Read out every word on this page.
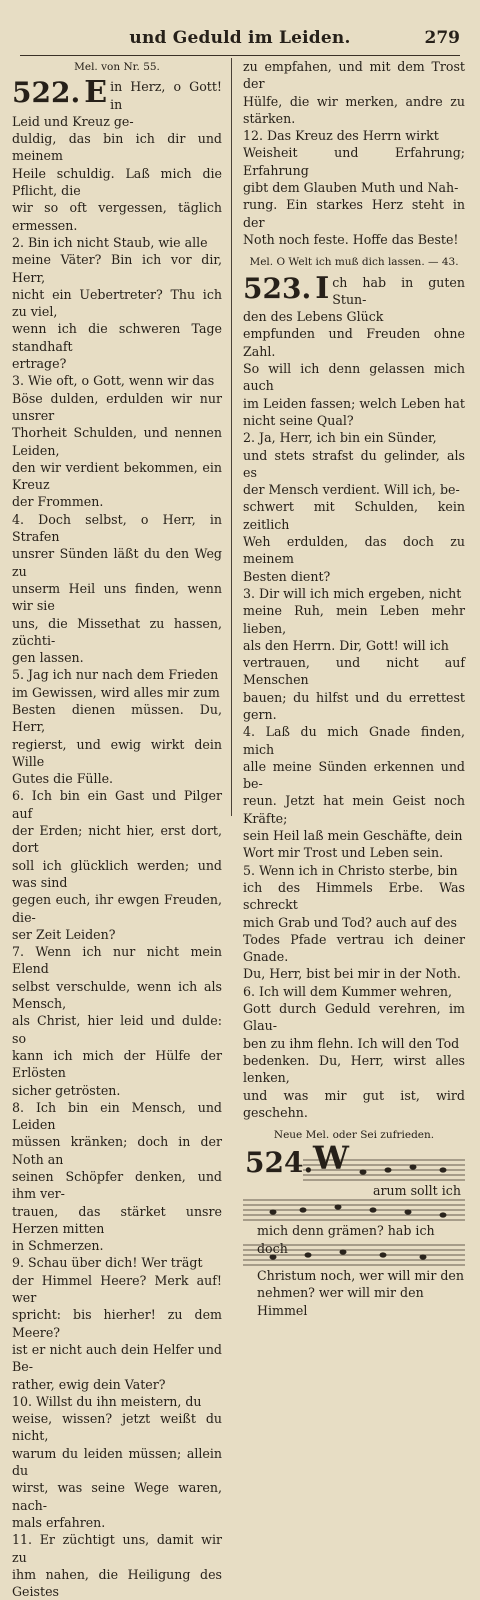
und Geduld im Leiden.	279
Mel. von Nr. 55.
522. E in Herz, o Gott! in
Leid und Kreuz ge-
duldig, das bin ich dir und meinem
Heile schuldig. Laß mich die Pflicht, die
wir so oft vergessen, täglich ermessen.
2. Bin ich nicht Staub, wie alle
meine Väter? Bin ich vor dir, Herr,
nicht ein Uebertreter? Thu ich zu viel,
wenn ich die schweren Tage standhaft
ertrage?
3. Wie oft, o Gott, wenn wir das
Böse dulden, erdulden wir nur unsrer
Thorheit Schulden, und nennen Leiden,
den wir verdient bekommen, ein Kreuz
der Frommen.
4. Doch selbst, o Herr, in Strafen
unsrer Sünden läßt du den Weg zu
unserm Heil uns finden, wenn wir sie
uns, die Missethat zu hassen, züchti-
gen lassen.
5. Jag ich nur nach dem Frieden
im Gewissen, wird alles mir zum
Besten dienen müssen. Du, Herr,
regierst, und ewig wirkt dein Wille
Gutes die Fülle.
6. Ich bin ein Gast und Pilger auf
der Erden; nicht hier, erst dort, dort
soll ich glücklich werden; und was sind
gegen euch, ihr ewgen Freuden, die-
ser Zeit Leiden?
7. Wenn ich nur nicht mein Elend
selbst verschulde, wenn ich als Mensch,
als Christ, hier leid und dulde: so
kann ich mich der Hülfe der Erlösten
sicher getrösten.
8. Ich bin ein Mensch, und Leiden
müssen kränken; doch in der Noth an
seinen Schöpfer denken, und ihm ver-
trauen, das stärket unsre Herzen mitten
in Schmerzen.
9. Schau über dich! Wer trägt
der Himmel Heere? Merk auf! wer
spricht: bis hierher! zu dem Meere?
ist er nicht auch dein Helfer und Be-
rather, ewig dein Vater?
10. Willst du ihn meistern, du
weise, wissen? jetzt weißt du nicht,
warum du leiden müssen; allein du
wirst, was seine Wege waren, nach-
mals erfahren.
11. Er züchtigt uns, damit wir zu
ihm nahen, die Heiligung des Geistes
zu empfahen, und mit dem Trost der
Hülfe, die wir merken, andre zu stärken.
12. Das Kreuz des Herrn wirkt
Weisheit und Erfahrung; Erfahrung
gibt dem Glauben Muth und Nah-
rung. Ein starkes Herz steht in der
Noth noch feste. Hoffe das Beste!
Mel. O Welt ich muß dich lassen. — 43.
523. I ch hab in guten Stun-
den des Lebens Glück
empfunden und Freuden ohne Zahl.
So will ich denn gelassen mich auch
im Leiden fassen; welch Leben hat
nicht seine Qual?
2. Ja, Herr, ich bin ein Sünder,
und stets strafst du gelinder, als es
der Mensch verdient. Will ich, be-
schwert mit Schulden, kein zeitlich
Weh erdulden, das doch zu meinem
Besten dient?
3. Dir will ich mich ergeben, nicht
meine Ruh, mein Leben mehr lieben,
als den Herrn. Dir, Gott! will ich
vertrauen, und nicht auf Menschen
bauen; du hilfst und du errettest gern.
4. Laß du mich Gnade finden, mich
alle meine Sünden erkennen und be-
reun. Jetzt hat mein Geist noch Kräfte;
sein Heil laß mein Geschäfte, dein
Wort mir Trost und Leben sein.
5. Wenn ich in Christo sterbe, bin
ich des Himmels Erbe. Was schreckt
mich Grab und Tod? auch auf des
Todes Pfade vertrau ich deiner Gnade.
Du, Herr, bist bei mir in der Noth.
6. Ich will dem Kummer wehren,
Gott durch Geduld verehren, im Glau-
ben zu ihm flehn. Ich will den Tod
bedenken. Du, Herr, wirst alles lenken,
und was mir gut ist, wird geschehn.
Neue Mel. oder Sei zufrieden.
524. W
arum sollt ich
mich denn grämen? hab ich doch
Christum noch, wer will mir den
nehmen? wer will mir den Himmel
